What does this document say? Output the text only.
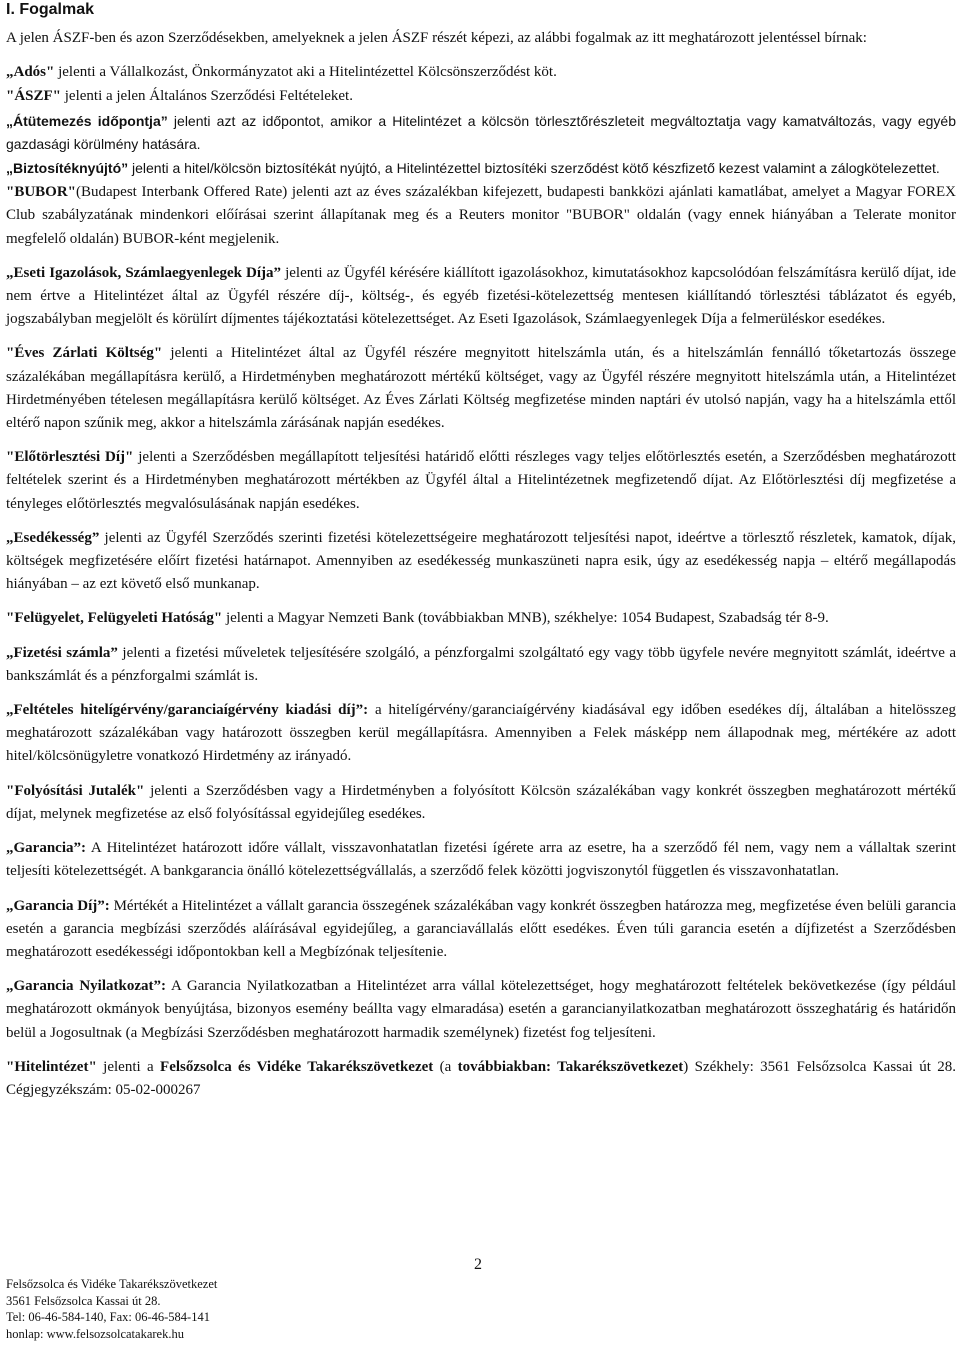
I. Fogalmak

A jelen ÁSZF-ben és azon Szerződésekben, amelyeknek a jelen ÁSZF részét képezi, az alábbi fogalmak az itt meghatározott jelentéssel bírnak:

„Adós" jelenti a Vállalkozást, Önkormányzatot aki a Hitelintézettel Kölcsönszerződést köt.

"ÁSZF" jelenti a jelen Általános Szerződési Feltételeket.

„Átütemezés időpontja” jelenti azt az időpontot, amikor a Hitelintézet a kölcsön törlesztőrészleteit megváltoztatja vagy kamatváltozás, vagy egyéb gazdasági körülmény hatására.

„Biztosítéknyújtó” jelenti a hitel/kölcsön biztosítékát nyújtó, a Hitelintézettel biztosítéki szerződést kötő készfizető kezest valamint a zálogkötelezettet.

"BUBOR"(Budapest Interbank Offered Rate) jelenti azt az éves százalékban kifejezett, budapesti bankközi ajánlati kamatlábat, amelyet a Magyar FOREX Club szabályzatának mindenkori előírásai szerint állapítanak meg és a Reuters monitor "BUBOR" oldalán (vagy ennek hiányában a Telerate monitor megfelelő oldalán) BUBOR-ként megjelenik.

„Eseti Igazolások, Számlaegyenlegek Díja” jelenti az Ügyfél kérésére kiállított igazolásokhoz, kimutatásokhoz kapcsolódóan felszámításra kerülő díjat, ide nem értve a Hitelintézet által az Ügyfél részére díj-, költség-, és egyéb fizetési-kötelezettség mentesen kiállítandó törlesztési táblázatot és egyéb, jogszabályban megjelölt és körülírt díjmentes tájékoztatási kötelezettséget. Az Eseti Igazolások, Számlaegyenlegek Díja a felmerüléskor esedékes.

"Éves Zárlati Költség" jelenti a Hitelintézet által az Ügyfél részére megnyitott hitelszámla után, és a hitelszámlán fennálló tőketartozás összege százalékában megállapításra kerülő, a Hirdetményben meghatározott mértékű költséget, vagy az Ügyfél részére megnyitott hitelszámla után, a Hitelintézet Hirdetményében tételesen megállapításra kerülő költséget. Az Éves Zárlati Költség megfizetése minden naptári év utolsó napján, vagy ha a hitelszámla ettől eltérő napon szűnik meg, akkor a hitelszámla zárásának napján esedékes.

"Előtörlesztési Díj" jelenti a Szerződésben megállapított teljesítési határidő előtti részleges vagy teljes előtörlesztés esetén, a Szerződésben meghatározott feltételek szerint és a Hirdetményben meghatározott mértékben az Ügyfél által a Hitelintézetnek megfizetendő díjat. Az Előtörlesztési díj megfizetése a tényleges előtörlesztés megvalósulásának napján esedékes.

„Esedékesség” jelenti az Ügyfél Szerződés szerinti fizetési kötelezettségeire meghatározott teljesítési napot, ideértve a törlesztő részletek, kamatok, díjak, költségek megfizetésére előírt fizetési határnapot. Amennyiben az esedékesség munkaszüneti napra esik, úgy az esedékesség napja – eltérő megállapodás hiányában – az ezt követő első munkanap.

"Felügyelet, Felügyeleti Hatóság" jelenti a Magyar Nemzeti Bank (továbbiakban MNB), székhelye: 1054 Budapest, Szabadság tér 8-9.

„Fizetési számla” jelenti a fizetési műveletek teljesítésére szolgáló, a pénzforgalmi szolgáltató egy vagy több ügyfele nevére megnyitott számlát, ideértve a bankszámlát és a pénzforgalmi számlát is.

„Feltételes hitelígérvény/garanciaígérvény kiadási díj”: a hitelígérvény/garanciaígérvény kiadásával egy időben esedékes díj, általában a hitelösszeg meghatározott százalékában vagy határozott összegben kerül megállapításra. Amennyiben a Felek másképp nem állapodnak meg, mértékére az adott hitel/kölcsönügyletre vonatkozó Hirdetmény az irányadó.

"Folyósítási Jutalék" jelenti a Szerződésben vagy a Hirdetményben a folyósított Kölcsön százalékában vagy konkrét összegben meghatározott mértékű díjat, melynek megfizetése az első folyósítással egyidejűleg esedékes.

„Garancia”: A Hitelintézet határozott időre vállalt, visszavonhatatlan fizetési ígérete arra az esetre, ha a szerződő fél nem, vagy nem a vállaltak szerint teljesíti kötelezettségét. A bankgarancia önálló kötelezettségvállalás, a szerződő felek közötti jogviszonytól független és visszavonhatatlan.

„Garancia Díj”: Mértékét a Hitelintézet a vállalt garancia összegének százalékában vagy konkrét összegben határozza meg, megfizetése éven belüli garancia esetén a garancia megbízási szerződés aláírásával egyidejűleg, a garanciavállalás előtt esedékes. Éven túli garancia esetén a díjfizetést a Szerződésben meghatározott esedékességi időpontokban kell a Megbízónak teljesítenie.

„Garancia Nyilatkozat”: A Garancia Nyilatkozatban a Hitelintézet arra vállal kötelezettséget, hogy meghatározott feltételek bekövetkezése (így például meghatározott okmányok benyújtása, bizonyos esemény beállta vagy elmaradása) esetén a garancianyilatkozatban meghatározott összeghatárig és határidőn belül a Jogosultnak (a Megbízási Szerződésben meghatározott harmadik személynek) fizetést fog teljesíteni.

"Hitelintézet" jelenti a Felsőzsolca és Vidéke Takarékszövetkezet (a továbbiakban: Takarékszövetkezet) Székhely: 3561 Felsőzsolca Kassai út 28. Cégjegyzékszám: 05-02-000267

2
Felsőzsolca és Vidéke Takarékszövetkezet
3561 Felsőzsolca Kassai út 28.
Tel: 06-46-584-140, Fax: 06-46-584-141
honlap: www.felsozsolcatakarek.hu
